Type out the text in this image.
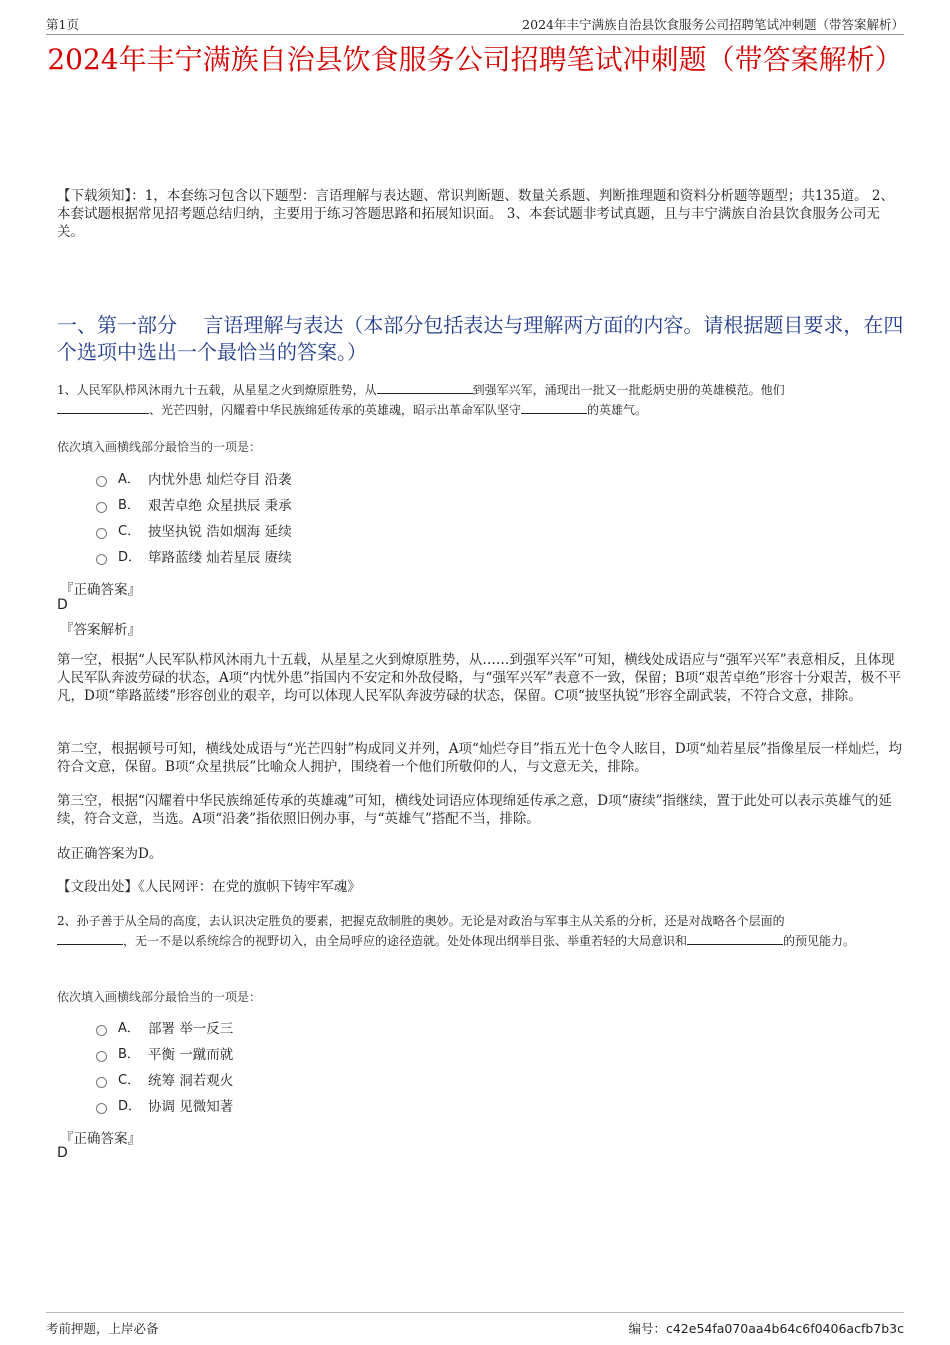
第1页	2024年丰宁满族自治县饮食服务公司招聘笔试冲刺题（带答案解析）
2024年丰宁满族自治县饮食服务公司招聘笔试冲刺题（带答案解析）
【下载须知】：1，本套练习包含以下题型：言语理解与表达题、常识判断题、数量关系题、判断推理题和资料分析题等题型；共135道。 2、本套试题根据常见招考题总结归纳，主要用于练习答题思路和拓展知识面。 3、本套试题非考试真题，且与丰宁满族自治县饮食服务公司无关。
一、第一部分　 言语理解与表达（本部分包括表达与理解两方面的内容。请根据题目要求，在四个选项中选出一个最恰当的答案。）
1、人民军队栉风沐雨九十五载，从星星之火到燎原胜势，从	到强军兴军，涌现出一批又一批彪炳史册的英雄模范。他们
、光芒四射，闪耀着中华民族绵延传承的英雄魂，昭示出革命军队坚守	的英雄气。
依次填入画横线部分最恰当的一项是：
A． 内忧外患 灿烂夺目 沿袭
B． 艰苦卓绝 众星拱辰 秉承
C． 披坚执锐 浩如烟海 延续
D． 筚路蓝缕 灿若星辰 赓续
『正确答案』
D
『答案解析』
第一空，根据“人民军队栉风沐雨九十五载，从星星之火到燎原胜势，从……到强军兴军”可知，横线处成语应与“强军兴军”表意相反，且体现人民军队奔波劳碌的状态，A项“内忧外患”指国内不安定和外敌侵略，与“强军兴军”表意不一致，保留；B项“艰苦卓绝”形容十分艰苦，极不平凡，D项“筚路蓝缕”形容创业的艰辛，均可以体现人民军队奔波劳碌的状态，保留。C项“披坚执锐”形容全副武装，不符合文意，排除。
第二空，根据顿号可知，横线处成语与“光芒四射”构成同义并列，A项“灿烂夺目”指五光十色令人眩目，D项“灿若星辰”指像星辰一样灿烂，均符合文意，保留。B项“众星拱辰”比喻众人拥护，围绕着一个他们所敬仰的人，与文意无关，排除。
第三空，根据“闪耀着中华民族绵延传承的英雄魂”可知，横线处词语应体现绵延传承之意，D项“赓续”指继续，置于此处可以表示英雄气的延续，符合文意，当选。A项“沿袭”指依照旧例办事，与“英雄气”搭配不当，排除。
故正确答案为D。
【文段出处】《人民网评：在党的旗帜下铸牢军魂》
2、孙子善于从全局的高度，去认识决定胜负的要素，把握克敌制胜的奥妙。无论是对政治与军事主从关系的分析，还是对战略各个层面的
，无一不是以系统综合的视野切入，由全局呼应的途径造就。处处体现出纲举目张、举重若轻的大局意识和	的预见能力。
依次填入画横线部分最恰当的一项是：
A． 部署 举一反三
B． 平衡 一蹴而就
C． 统筹 洞若观火
D． 协调 见微知著
『正确答案』
D
考前押题，上岸必备	编号：c42e54fa070aa4b64c6f0406acfb7b3c
